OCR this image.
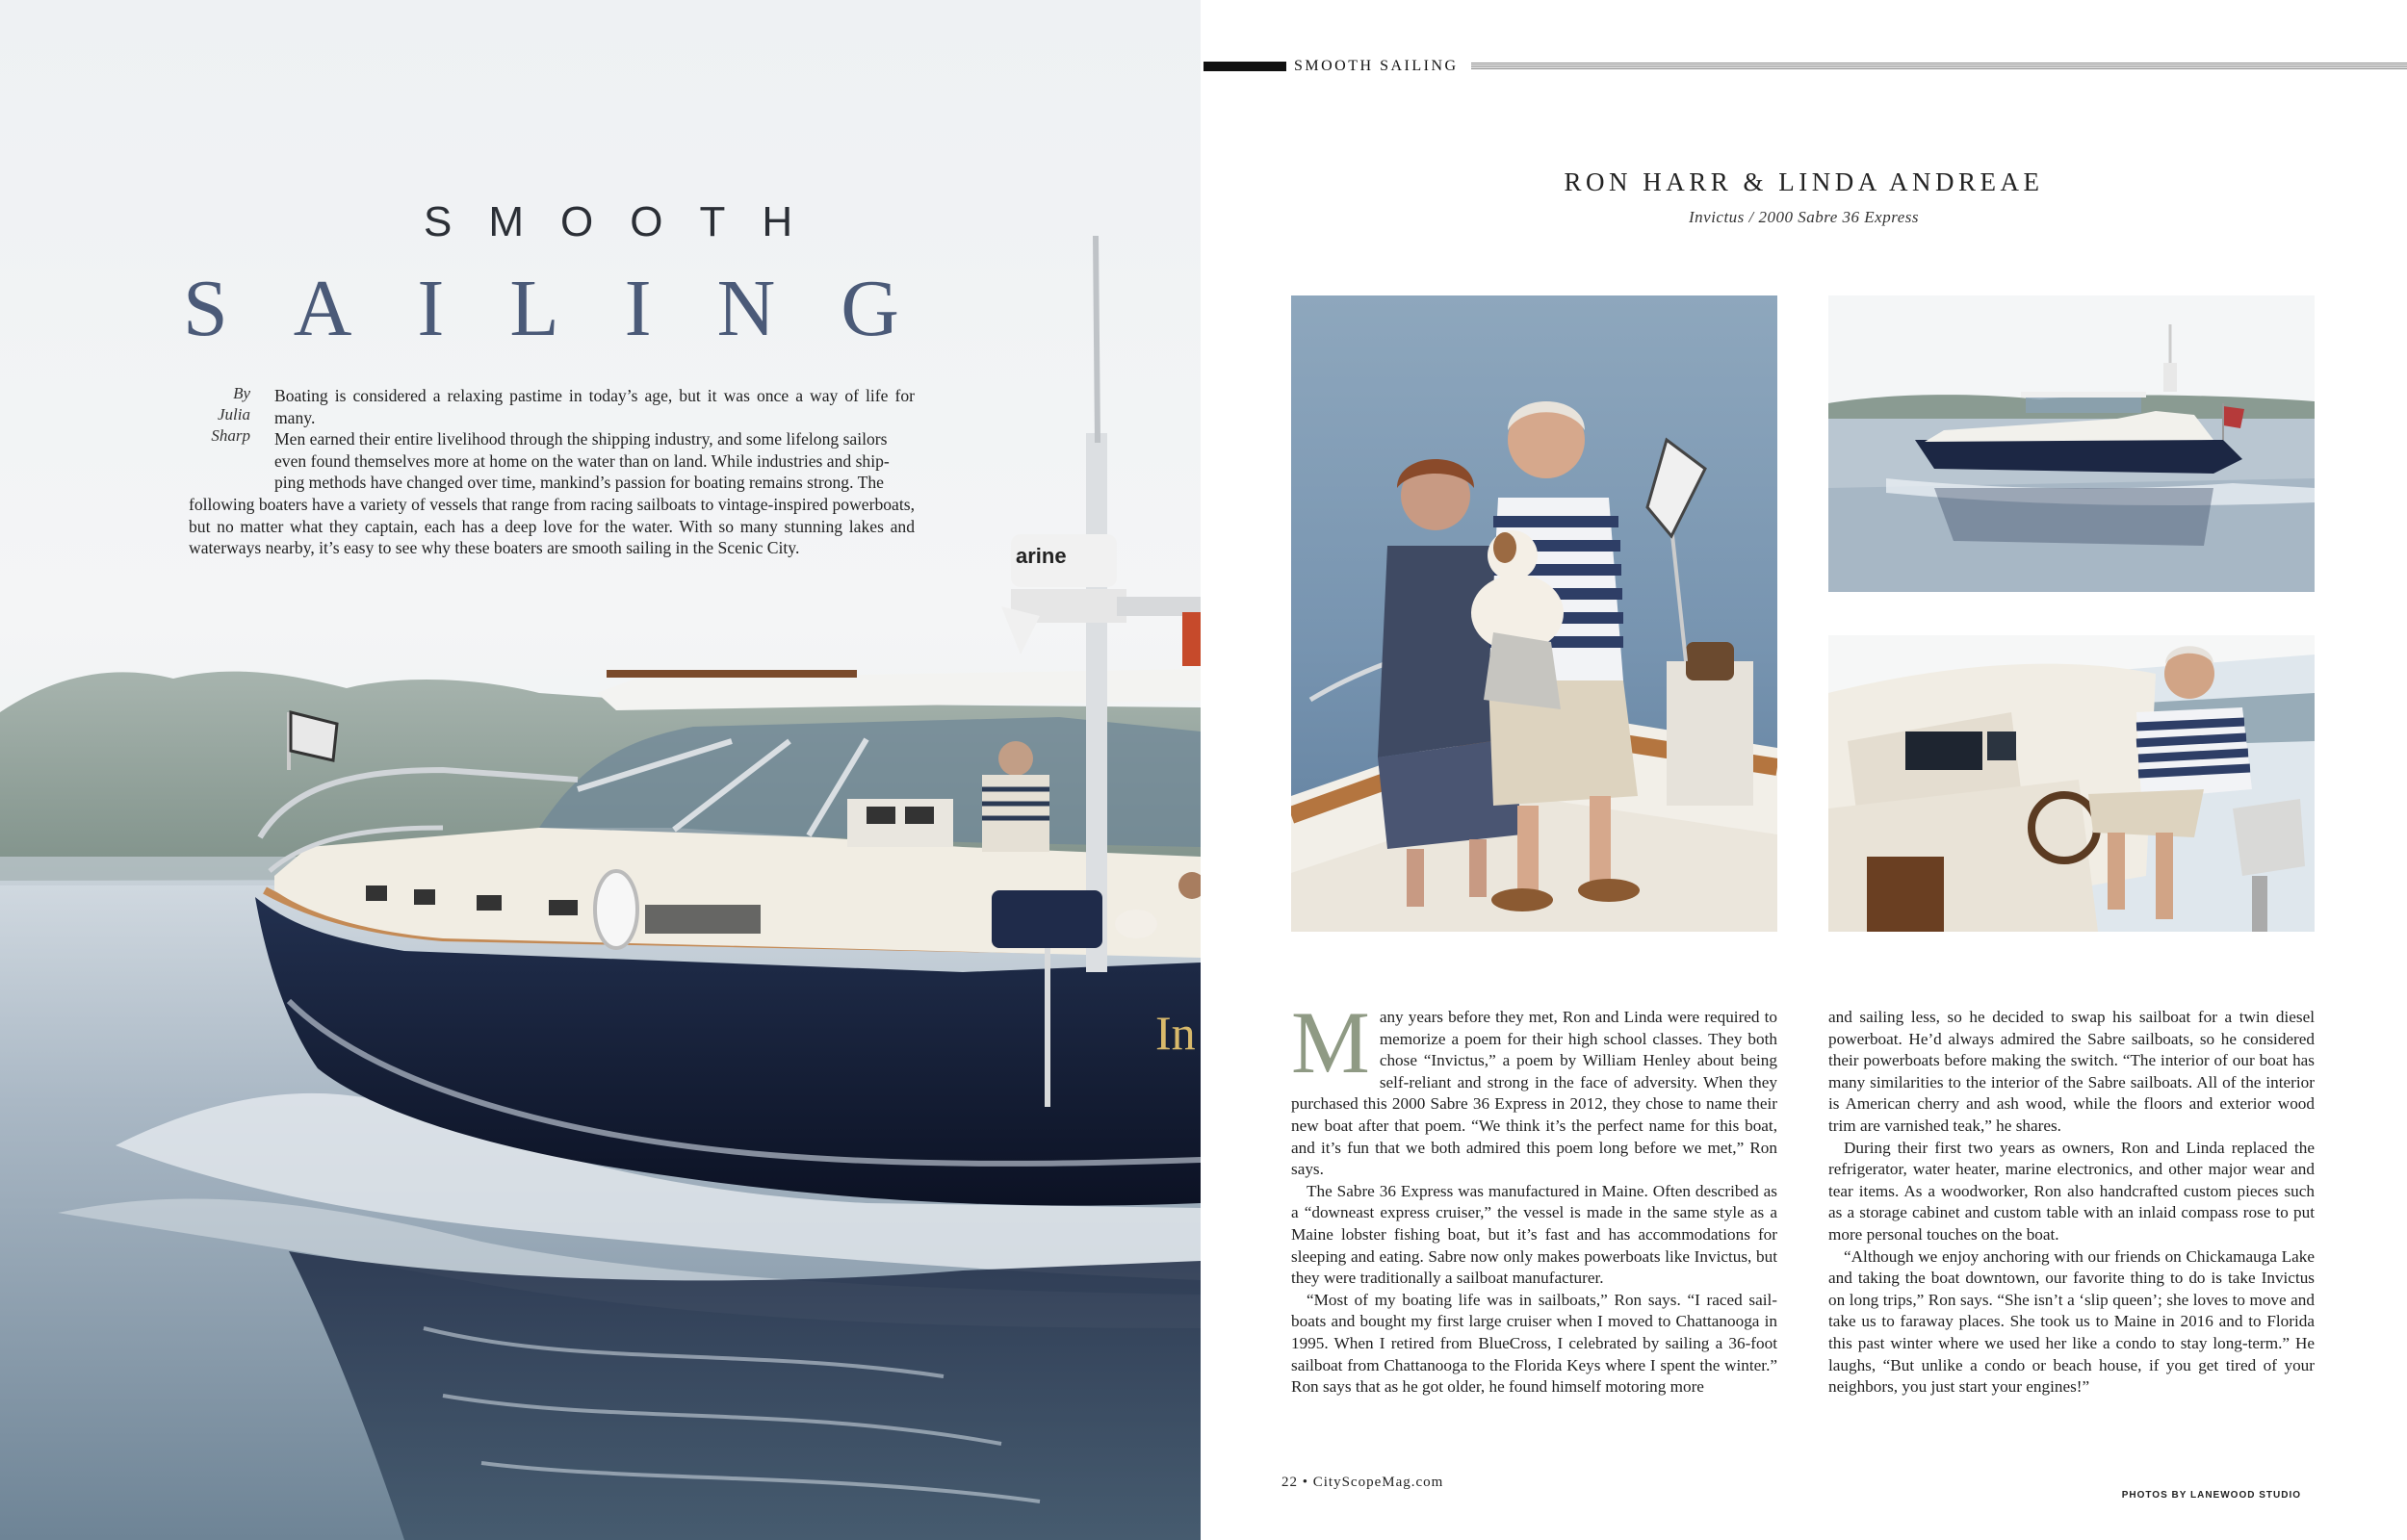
arine
In
SMOOTH
SAILING
By
Julia
Sharp

Boating is considered a relaxing pastime in today’s age, but it was once a way of life for many.

Men earned their entire livelihood through the shipping industry, and some lifelong sailors

even found themselves more at home on the water than on land. While industries and ship-

ping methods have changed over time, mankind’s passion for boating remains strong. The

following boaters have a variety of vessels that range from racing sailboats to vintage-inspired powerboats, but no matter what they captain, each has a deep love for the water. With so many stunning lakes and waterways nearby, it’s easy to see why these boaters are smooth sailing in the Scenic City.

SMOOTH SAILING
RON HARR & LINDA ANDREAE
Invictus / 2000 Sabre 36 Express
M any years before they met, Ron and Linda were required to memorize a poem for their high school classes. They both chose “Invictus,” a poem by William Henley about being self-reliant and strong in the face of adversity. When they purchased this 2000 Sabre 36 Express in 2012, they chose to name their new boat after that poem. “We think it’s the perfect name for this boat, and it’s fun that we both admired this poem long before we met,” Ron says.

The Sabre 36 Express was manufactured in Maine. Often described as a “downeast express cruiser,” the vessel is made in the same style as a Maine lobster fishing boat, but it’s fast and has accommodations for sleeping and eating. Sabre now only makes powerboats like Invictus, but they were traditionally a sailboat manufacturer.

“Most of my boating life was in sailboats,” Ron says. “I raced sail-boats and bought my first large cruiser when I moved to Chattanooga in 1995. When I retired from BlueCross, I celebrated by sailing a 36-foot sailboat from Chattanooga to the Florida Keys where I spent the winter.” Ron says that as he got older, he found himself motoring more

and sailing less, so he decided to swap his sailboat for a twin diesel powerboat. He’d always admired the Sabre sailboats, so he considered their powerboats before making the switch. “The interior of our boat has many similarities to the interior of the Sabre sailboats. All of the interior is American cherry and ash wood, while the floors and exterior wood trim are varnished teak,” he shares.

During their first two years as owners, Ron and Linda replaced the refrigerator, water heater, marine electronics, and other major wear and tear items. As a woodworker, Ron also handcrafted custom pieces such as a storage cabinet and custom table with an inlaid compass rose to put more personal touches on the boat.

“Although we enjoy anchoring with our friends on Chickamauga Lake and taking the boat downtown, our favorite thing to do is take Invictus on long trips,” Ron says. “She isn’t a ‘slip queen’; she loves to move and take us to faraway places. She took us to Maine in 2016 and to Florida this past winter where we used her like a condo to stay long-term.” He laughs, “But unlike a condo or beach house, if you get tired of your neighbors, you just start your engines!”

22 • CityScopeMag.com
PHOTOS BY LANEWOOD STUDIO
